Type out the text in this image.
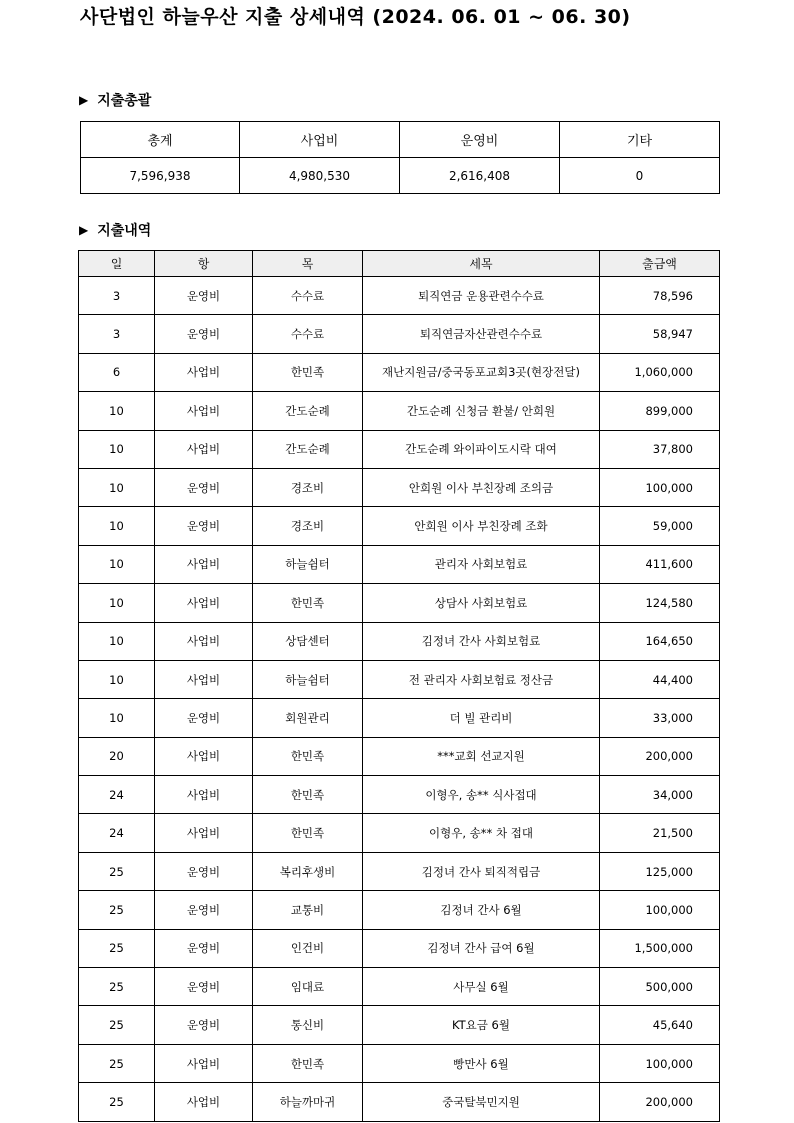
사단법인 하늘우산 지출 상세내역 (2024. 06. 01 ~ 06. 30)
▶ 지출총괄
총계	사업비	운영비	기타
7,596,938	4,980,530	2,616,408	0
▶ 지출내역
일	항	목	세목	출금액
3	운영비	수수료	퇴직연금 운용관련수수료	78,596
3	운영비	수수료	퇴직연금자산관련수수료	58,947
6	사업비	한민족	재난지원금/중국동포교회3곳(현장전달)	1,060,000
10	사업비	간도순례	간도순례 신청금 환불/ 안희원	899,000
10	사업비	간도순례	간도순례 와이파이도시락 대여	37,800
10	운영비	경조비	안희원 이사 부친장례 조의금	100,000
10	운영비	경조비	안희원 이사 부친장례 조화	59,000
10	사업비	하늘쉼터	관리자 사회보험료	411,600
10	사업비	한민족	상담사 사회보험료	124,580
10	사업비	상담센터	김정녀 간사 사회보험료	164,650
10	사업비	하늘쉼터	전 관리자 사회보험료 정산금	44,400
10	운영비	회원관리	더 빌 관리비	33,000
20	사업비	한민족	***교회 선교지원	200,000
24	사업비	한민족	이형우, 송** 식사접대	34,000
24	사업비	한민족	이형우, 송** 차 접대	21,500
25	운영비	복리후생비	김정녀 간사 퇴직적립금	125,000
25	운영비	교통비	김정녀 간사 6월	100,000
25	운영비	인건비	김정녀 간사 급여 6월	1,500,000
25	운영비	임대료	사무실 6월	500,000
25	운영비	통신비	KT요금 6월	45,640
25	사업비	한민족	빵만사 6월	100,000
25	사업비	하늘까마귀	중국탈북민지원	200,000
